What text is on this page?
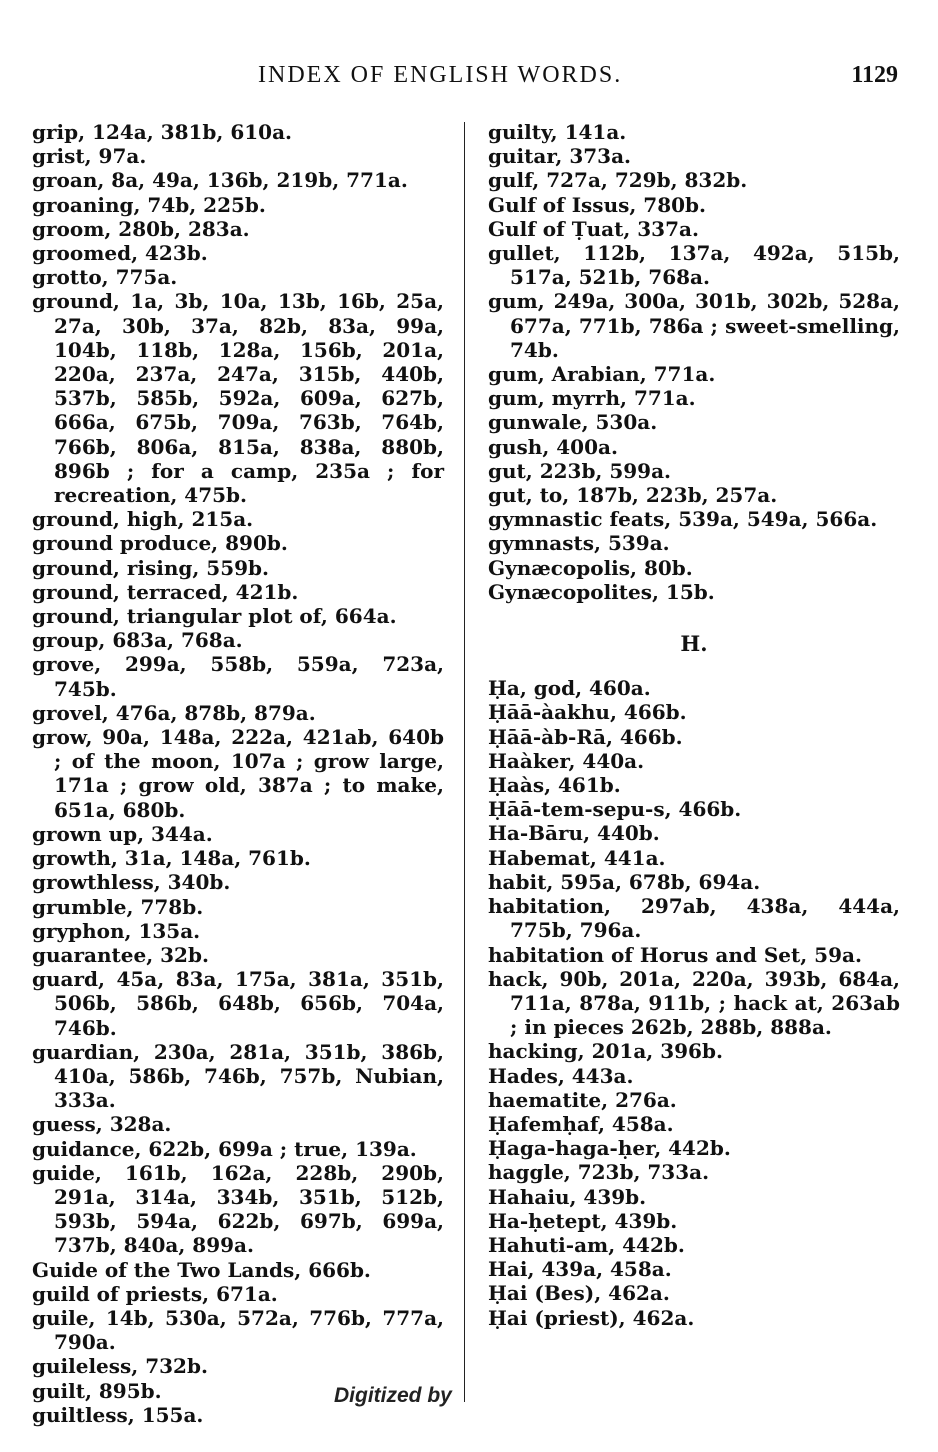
INDEX OF ENGLISH WORDS.	1129

grip, 124a, 381b, 610a.

grist, 97a.

groan, 8a, 49a, 136b, 219b, 771a.

groaning, 74b, 225b.

groom, 280b, 283a.

groomed, 423b.

grotto, 775a.

ground, 1a, 3b, 10a, 13b, 16b, 25a, 27a, 30b, 37a, 82b, 83a, 99a, 104b, 118b, 128a, 156b, 201a, 220a, 237a, 247a, 315b, 440b, 537b, 585b, 592a, 609a, 627b, 666a, 675b, 709a, 763b, 764b, 766b, 806a, 815a, 838a, 880b, 896b ; for a camp, 235a ; for recreation, 475b.

ground, high, 215a.

ground produce, 890b.

ground, rising, 559b.

ground, terraced, 421b.

ground, triangular plot of, 664a.

group, 683a, 768a.

grove, 299a, 558b, 559a, 723a, 745b.

grovel, 476a, 878b, 879a.

grow, 90a, 148a, 222a, 421ab, 640b ; of the moon, 107a ; grow large, 171a ; grow old, 387a ; to make, 651a, 680b.

grown up, 344a.

growth, 31a, 148a, 761b.

growthless, 340b.

grumble, 778b.

gryphon, 135a.

guarantee, 32b.

guard, 45a, 83a, 175a, 381a, 351b, 506b, 586b, 648b, 656b, 704a, 746b.

guardian, 230a, 281a, 351b, 386b, 410a, 586b, 746b, 757b, Nubian, 333a.

guess, 328a.

guidance, 622b, 699a ; true, 139a.

guide, 161b, 162a, 228b, 290b, 291a, 314a, 334b, 351b, 512b, 593b, 594a, 622b, 697b, 699a, 737b, 840a, 899a.

Guide of the Two Lands, 666b.

guild of priests, 671a.

guile, 14b, 530a, 572a, 776b, 777a, 790a.

guileless, 732b.

guilt, 895b.

guiltless, 155a.

guilty, 141a.

guitar, 373a.

gulf, 727a, 729b, 832b.

Gulf of Issus, 780b.

Gulf of Ṭuat, 337a.

gullet, 112b, 137a, 492a, 515b, 517a, 521b, 768a.

gum, 249a, 300a, 301b, 302b, 528a, 677a, 771b, 786a ; sweet-smelling, 74b.

gum, Arabian, 771a.

gum, myrrh, 771a.

gunwale, 530a.

gush, 400a.

gut, 223b, 599a.

gut, to, 187b, 223b, 257a.

gymnastic feats, 539a, 549a, 566a.

gymnasts, 539a.

Gynæcopolis, 80b.

Gynæcopolites, 15b.

H.

Ḥa, god, 460a.

Ḥāā-àakhu, 466b.

Ḥāā-àb-Rā, 466b.

Haàker, 440a.

Ḥaàs, 461b.

Ḥāā-tem-sepu-s, 466b.

Ha-Bāru, 440b.

Habemat, 441a.

habit, 595a, 678b, 694a.

habitation, 297ab, 438a, 444a, 775b, 796a.

habitation of Horus and Set, 59a.

hack, 90b, 201a, 220a, 393b, 684a, 711a, 878a, 911b, ; hack at, 263ab ; in pieces 262b, 288b, 888a.

hacking, 201a, 396b.

Hades, 443a.

haematite, 276a.

Ḥafemḥaf, 458a.

Ḥaga-haga-ḥer, 442b.

haggle, 723b, 733a.

Hahaiu, 439b.

Ha-ḥetept, 439b.

Hahuti-am, 442b.

Hai, 439a, 458a.

Ḥai (Bes), 462a.

Ḥai (priest), 462a.

Digitized by
